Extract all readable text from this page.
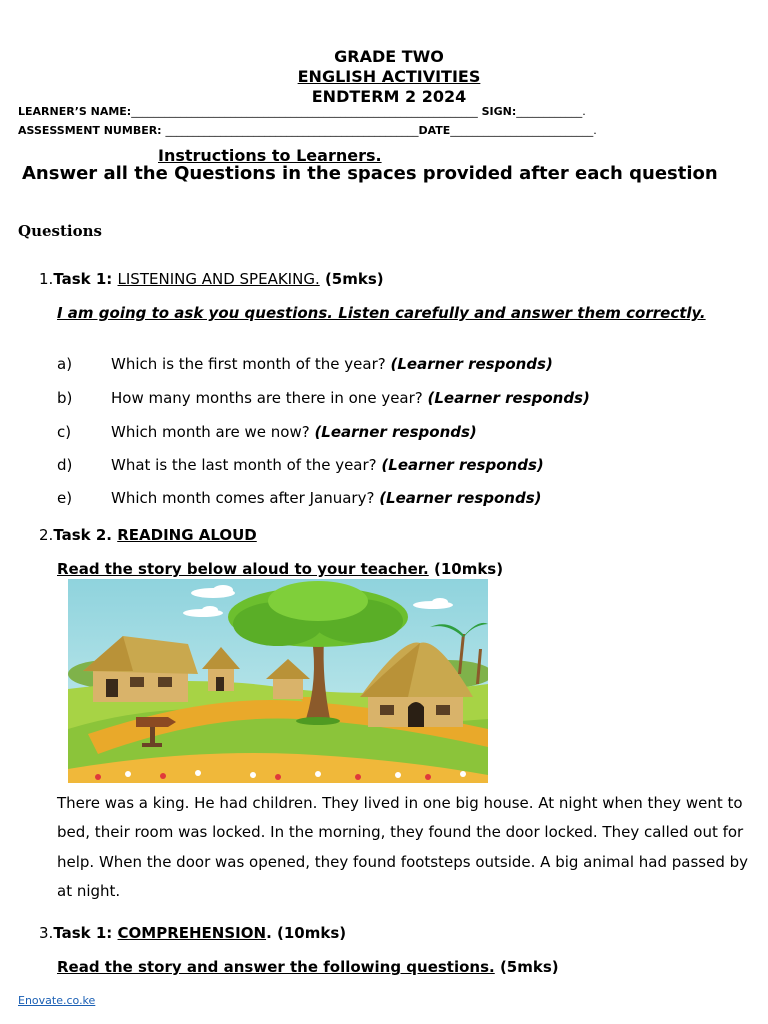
GRADE TWO
ENGLISH ACTIVITIES
ENDTERM 2 2024
LEARNER’S NAME:_______________________________________________________________ SIGN:____________.
ASSESSMENT NUMBER: ______________________________________________DATE__________________________.
Instructions to Learners.
Answer all the Questions in the spaces provided after each question
Questions
1.Task 1: LISTENING AND SPEAKING. (5mks)
I am going to ask you questions. Listen carefully and answer them correctly.
a)	Which is the first month of the year? (Learner responds)
b)	How many months are there in one year? (Learner responds)
c)	Which month are we now? (Learner responds)
d)	What is the last month of the year? (Learner responds)
e)	Which month comes after January? (Learner responds)
2.Task 2. READING ALOUD
Read the story below aloud to your teacher. (10mks)
There was a king. He had children. They lived in one big house. At night when they went to bed, their room was locked. In the morning, they found the door locked. They called out for help. When the door was opened, they found footsteps outside. A big animal had passed by at night.
3.Task 1: COMPREHENSION. (10mks)
Read the story and answer the following questions. (5mks)
Enovate.co.ke
